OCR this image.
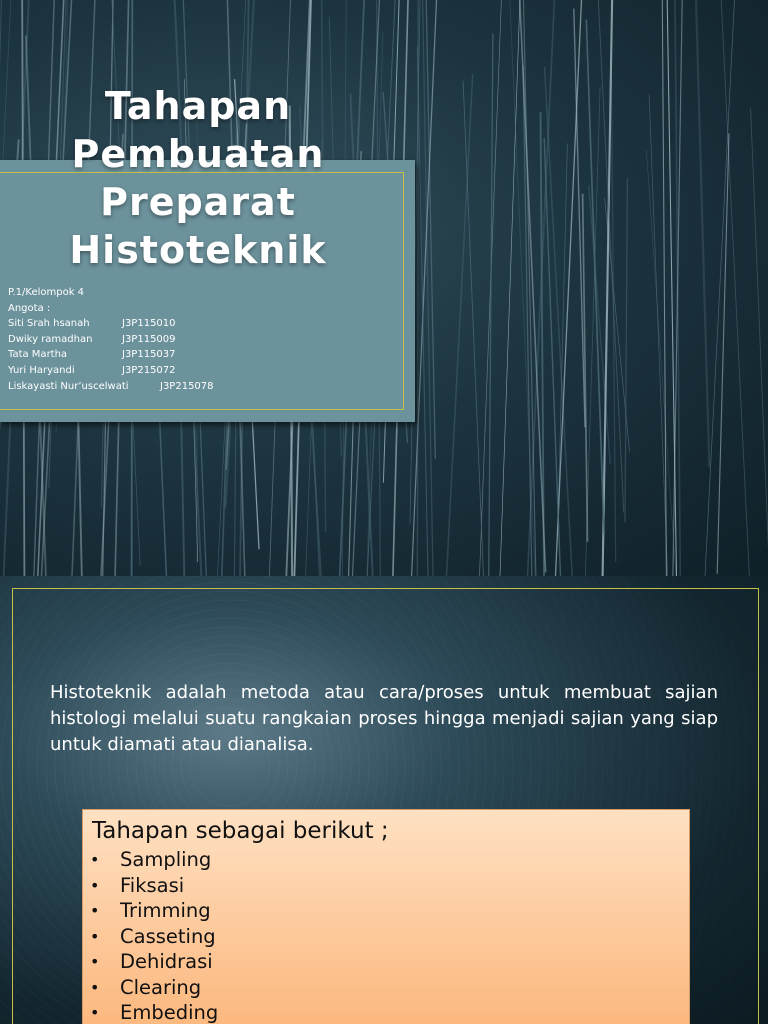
Tahapan
Pembuatan
Preparat
Histoteknik
P.1/Kelompok 4
Angota :
Siti Srah hsanah	J3P115010
Dwiky ramadhan	J3P115009
Tata Martha	J3P115037
Yuri Haryandi	J3P215072
Liskayasti Nur’uscelwati	J3P215078
Histoteknik adalah metoda atau cara/proses untuk membuat sajian histologi melalui suatu rangkaian proses hingga menjadi sajian yang siap untuk diamati atau dianalisa.
Tahapan sebagai berikut ;
• Sampling
• Fiksasi
• Trimming
• Casseting
• Dehidrasi
• Clearing
• Embeding
